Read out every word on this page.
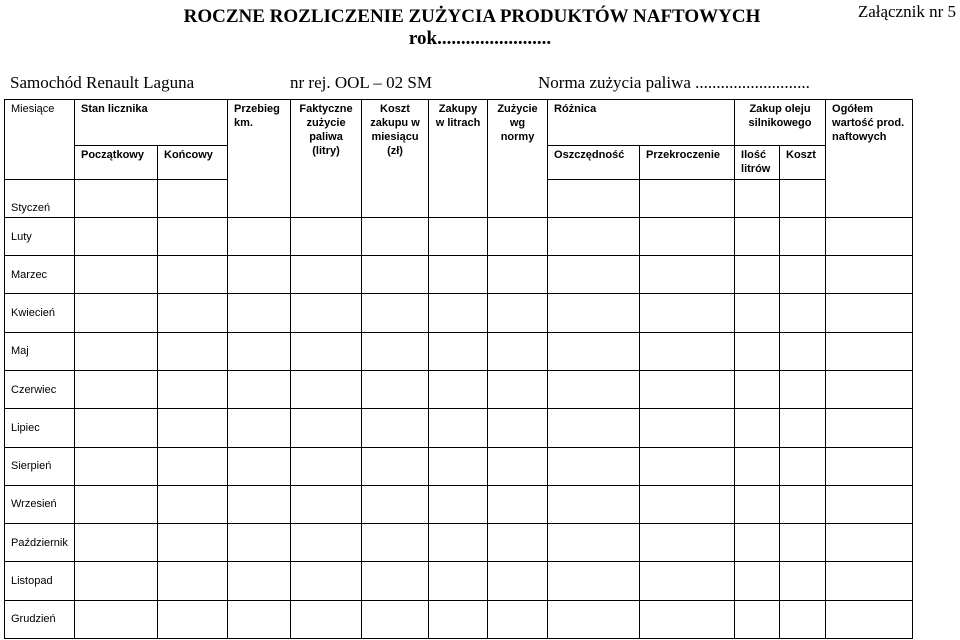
Załącznik nr 5
ROCZNE ROZLICZENIE ZUŻYCIA PRODUKTÓW NAFTOWYCH
rok........................
Samochód Renault Laguna	nr rej. OOL – 02 SM	Norma zużycia paliwa ...........................
Miesiące	Stan licznika		Przebieg km.	Faktyczne zużycie paliwa (litry)	Koszt zakupu w miesiącu (zł)	Zakupy w litrach	Zużycie wg normy	Różnica		Zakup oleju silnikowego		Ogółem wartość prod. naftowych
	Początkowy	Końcowy						Oszczędność	Przekroczenie	Ilość litrów	Koszt	
Styczeń												
Luty												
Marzec												
Kwiecień												
Maj												
Czerwiec												
Lipiec												
Sierpień												
Wrzesień												
Październik												
Listopad												
Grudzień												
